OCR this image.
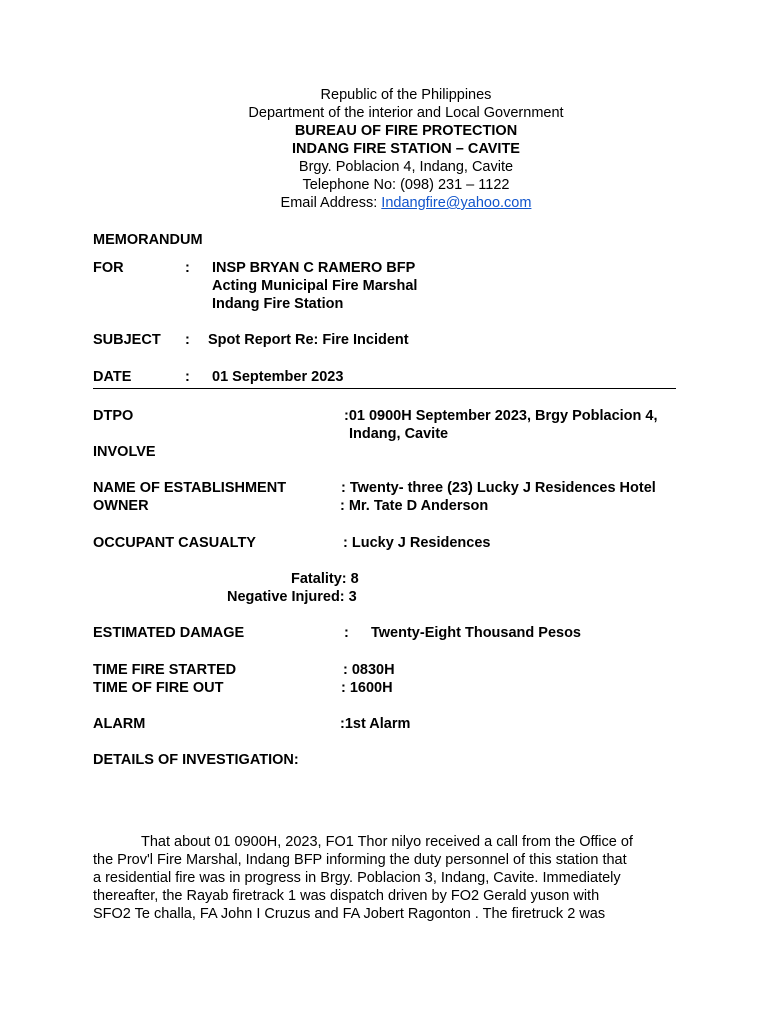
Republic of the Philippines
Department of the interior and Local Government
BUREAU OF FIRE PROTECTION
INDANG FIRE STATION – CAVITE
Brgy. Poblacion 4, Indang, Cavite
Telephone No: (098) 231 – 1122
Email Address: Indangfire@yahoo.com
MEMORANDUM
FOR	: INSP BRYAN C RAMERO BFP
Acting Municipal Fire Marshal
Indang Fire Station
SUBJECT : Spot Report Re: Fire Incident
DATE	: 01 September 2023
DTPO	:01 0900H September 2023, Brgy Poblacion 4,
Indang, Cavite
INVOLVE
NAME OF ESTABLISHMENT	: Twenty- three (23) Lucky J Residences Hotel
OWNER	: Mr. Tate D Anderson
OCCUPANT CASUALTY	: Lucky J Residences
Fatality: 8
Negative Injured: 3
ESTIMATED DAMAGE	: Twenty-Eight Thousand Pesos
TIME FIRE STARTED	: 0830H
TIME OF FIRE OUT	: 1600H
ALARM	:1st Alarm
DETAILS OF INVESTIGATION:
That about 01 0900H, 2023, FO1 Thor nilyo received a call from the Office of
the Prov'l Fire Marshal, Indang BFP informing the duty personnel of this station that
a residential fire was in progress in Brgy. Poblacion 3, Indang, Cavite. Immediately
thereafter, the Rayab firetrack 1 was dispatch driven by FO2 Gerald yuson with
SFO2 Te challa, FA John I Cruzus and FA Jobert Ragonton . The firetruck 2 was
